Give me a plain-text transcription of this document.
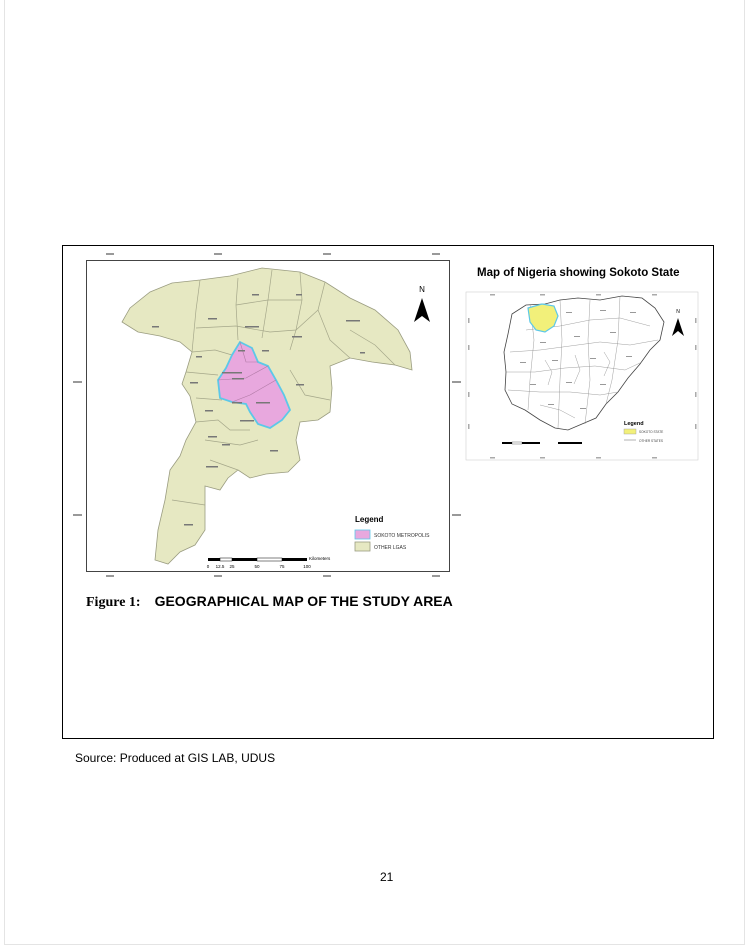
N
Legend
SOKOTO METROPOLIS
OTHER LGAS
0 12.5 25	50	75	100
Kilometers
N
Legend
SOKOTO STATE
OTHER STATES
Map of Nigeria showing Sokoto State
Figure 1: GEOGRAPHICAL MAP OF THE STUDY AREA
Source: Produced at GIS LAB, UDUS
21
